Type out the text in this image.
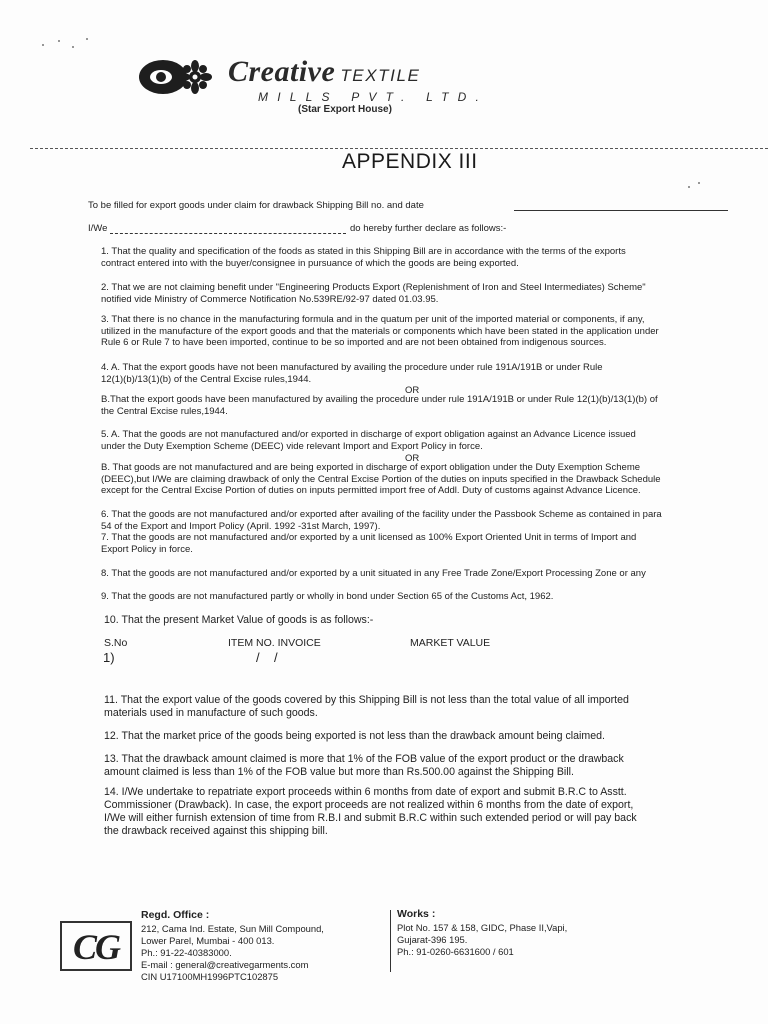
Creative TEXTILE
MILLS PVT. LTD.
(Star Export House)
APPENDIX III
To be filled for export goods under claim for drawback Shipping Bill no. and date
I/We	do hereby further declare as follows:-
1. That the quality and specification of the foods as stated in this Shipping Bill are in accordance with the terms of the exports
contract entered into with the buyer/consignee in pursuance of which the goods are being exported.
2. That we are not claiming benefit under "Engineering Products Export (Replenishment of Iron and Steel Intermediates) Scheme"
notified vide Ministry of Commerce Notification No.539RE/92-97 dated 01.03.95.
3. That there is no chance in the manufacturing formula and in the quatum per unit of the imported material or components, if any,
utilized in the manufacture of the export goods and that the materials or components which have been stated in the application under
Rule 6 or Rule 7 to have been imported, continue to be so imported and are not been obtained from indigenous sources.
4. A. That the export goods have not been manufactured by availing the procedure under rule 191A/191B or under Rule
12(1)(b)/13(1)(b) of the Central Excise rules,1944.
OR
B.That the export goods have been manufactured by availing the procedure under rule 191A/191B or under Rule 12(1)(b)/13(1)(b) of
the Central Excise rules,1944.
5. A. That the goods are not manufactured and/or exported in discharge of export obligation against an Advance Licence issued
under the Duty Exemption Scheme (DEEC) vide relevant Import and Export Policy in force.
OR
B. That goods are not manufactured and are being exported in discharge of export obligation under the Duty Exemption Scheme
(DEEC),but I/We are claiming drawback of only the Central Excise Portion of the duties on inputs specified in the Drawback Schedule
except for the Central Excise Portion of duties on inputs permitted import free of Addl. Duty of customs against Advance Licence.
6. That the goods are not manufactured and/or exported after availing of the facility under the Passbook Scheme as contained in para
54 of the Export and Import Policy (April. 1992 -31st March, 1997).
7. That the goods are not manufactured and/or exported by a unit licensed as 100% Export Oriented Unit in terms of Import and
Export Policy in force.
8. That the goods are not manufactured and/or exported by a unit situated in any Free Trade Zone/Export Processing Zone or any
9. That the goods are not manufactured partly or wholly in bond under Section 65 of the Customs Act, 1962.
10. That the present Market Value of goods is as follows:-
S.No	ITEM NO. INVOICE	MARKET VALUE
1)	/    /
11. That the export value of the goods covered by this Shipping Bill is not less than the total value of all imported
materials used in manufacture of such goods.
12. That the market price of the goods being exported is not less than the drawback amount being claimed.
13. That the drawback amount claimed is more that 1% of the FOB value of the export product or the drawback
amount claimed is less than 1% of the FOB value but more than Rs.500.00 against the Shipping Bill.
14. I/We undertake to repatriate export proceeds within 6 months from date of export and submit B.R.C to Asstt.
Commissioner (Drawback). In case, the export proceeds are not realized within 6 months from the date of export,
I/We will either furnish extension of time from R.B.I and submit B.R.C within such extended period or will pay back
the drawback received against this shipping bill.
CG
Regd. Office :
212, Cama Ind. Estate, Sun Mill Compound,
Lower Parel, Mumbai - 400 013.
Ph.: 91-22-40383000.
E-mail : general@creativegarments.com
CIN U17100MH1996PTC102875
Works :
Plot No. 157 & 158, GIDC, Phase II,Vapi,
Gujarat-396 195.
Ph.: 91-0260-6631600 / 601
